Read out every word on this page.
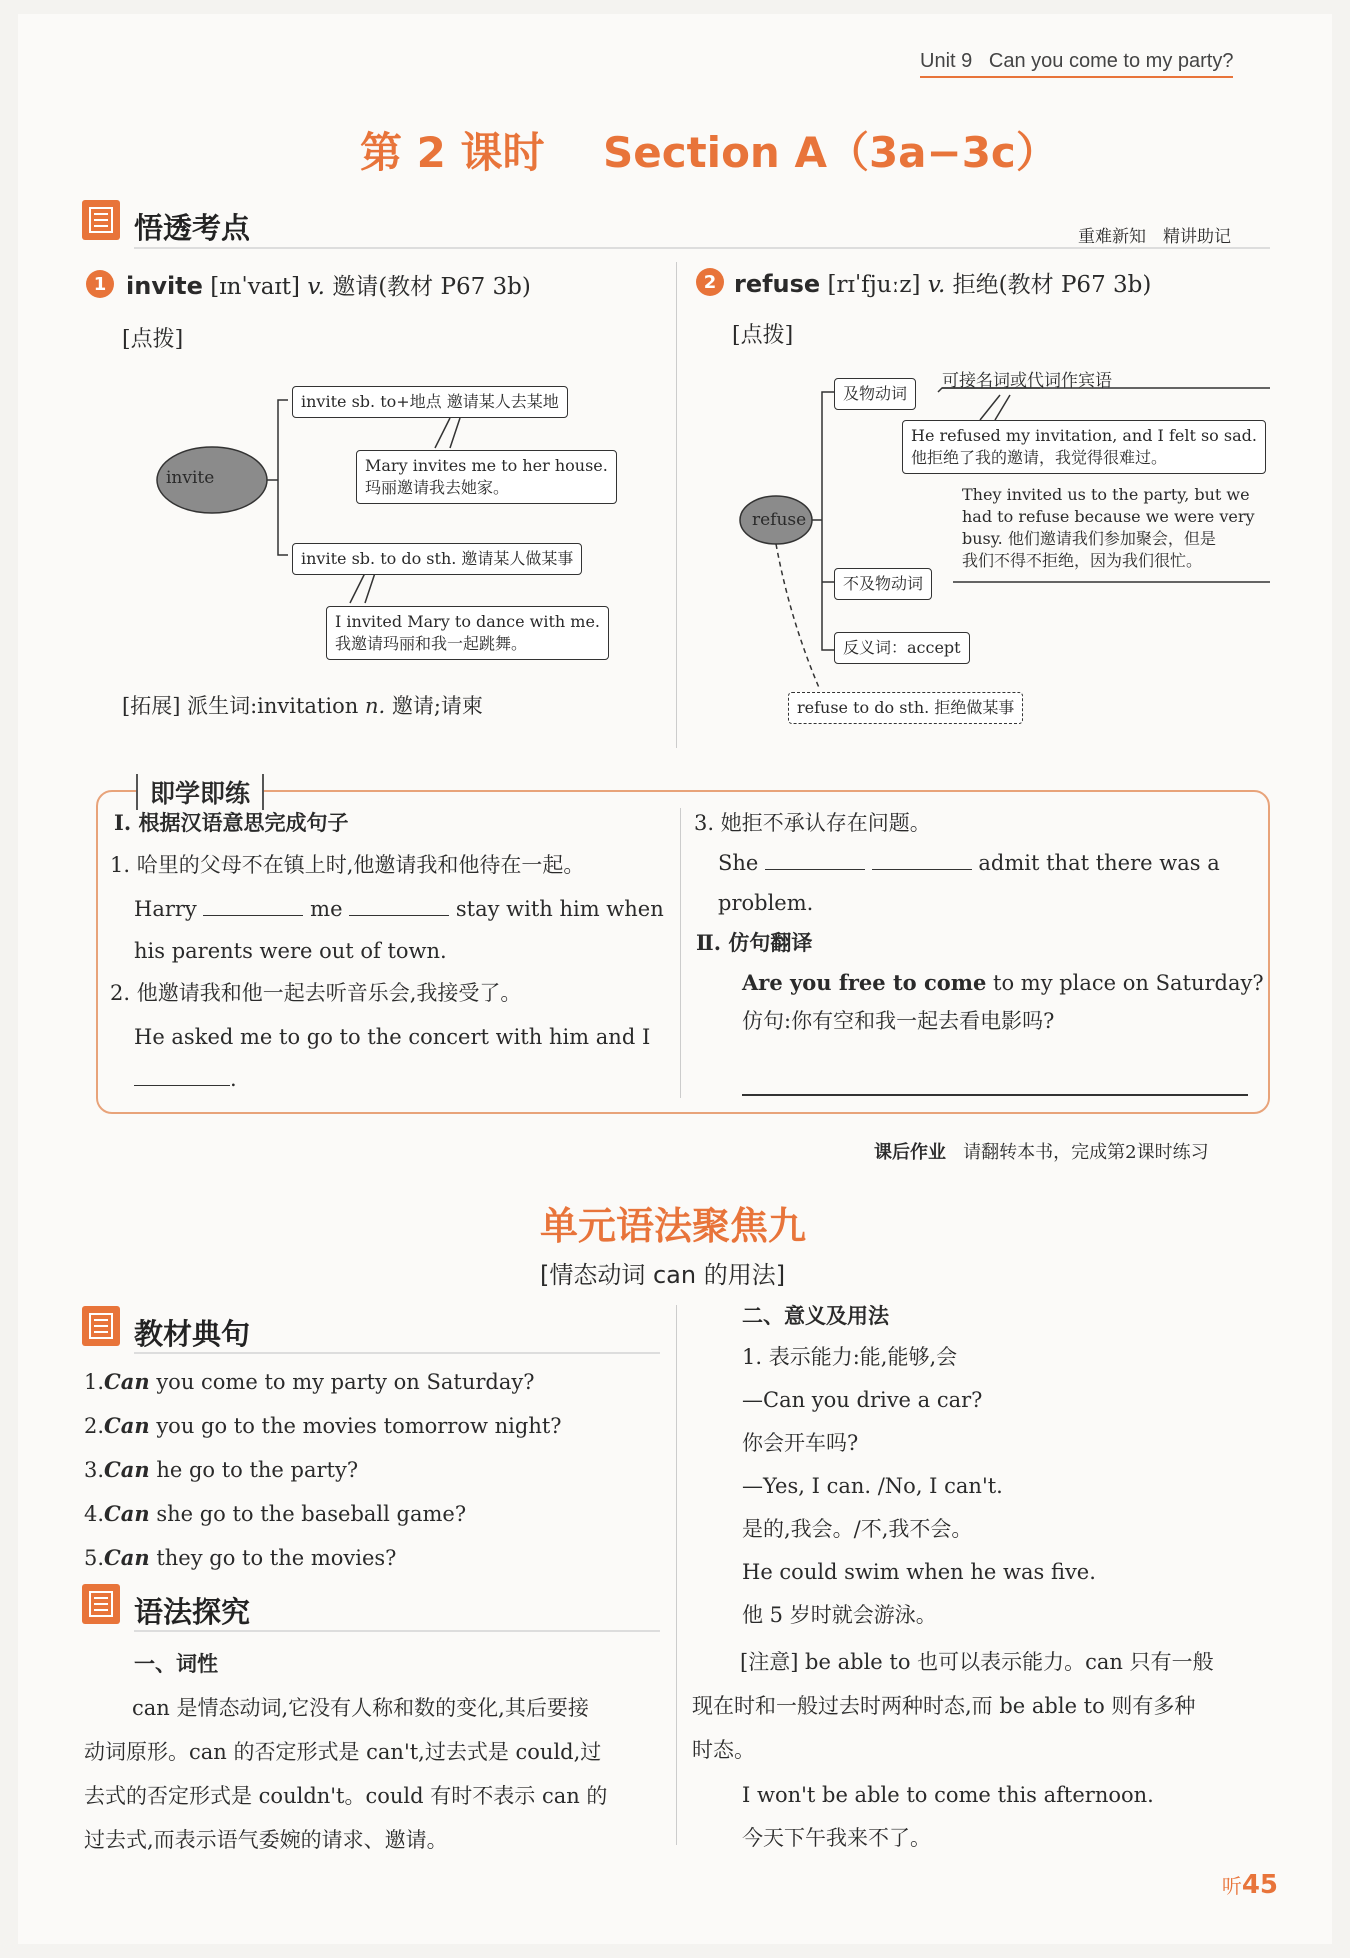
Unit 9 Can you come to my party?
第 2 课时 Section A（3a−3c）
悟透考点	重难新知　精讲助记
1 invite [ɪnˈvaɪt] v. 邀请(教材 P67 3b)
[点拨]
invite
invite sb. to+地点 邀请某人去某地
Mary invites me to her house.
玛丽邀请我去她家。
invite sb. to do sth. 邀请某人做某事
I invited Mary to dance with me.
我邀请玛丽和我一起跳舞。
[拓展] 派生词:invitation n. 邀请;请柬
2 refuse [rɪˈfjuːz] v. 拒绝(教材 P67 3b)
[点拨]
refuse
及物动词
可接名词或代词作宾语
He refused my invitation, and I felt so sad.
他拒绝了我的邀请，我觉得很难过。
They invited us to the party, but we
had to refuse because we were very
busy. 他们邀请我们参加聚会，但是
我们不得不拒绝，因为我们很忙。
不及物动词
反义词：accept
refuse to do sth. 拒绝做某事
即学即练
Ⅰ. 根据汉语意思完成句子
1. 哈里的父母不在镇上时,他邀请我和他待在一起。
Harry	me	stay with him when
his parents were out of town.
2. 他邀请我和他一起去听音乐会,我接受了。
He asked me to go to the concert with him and I
.
3. 她拒不承认存在问题。
She	admit that there was a
problem.
Ⅱ. 仿句翻译
Are you free to come to my place on Saturday?
仿句:你有空和我一起去看电影吗?
课后作业 请翻转本书，完成第2课时练习
单元语法聚焦九
[情态动词 can 的用法]
教材典句
1.Can you come to my party on Saturday?
2.Can you go to the movies tomorrow night?
3.Can he go to the party?
4.Can she go to the baseball game?
5.Can they go to the movies?
语法探究
一、词性
can 是情态动词,它没有人称和数的变化,其后要接
动词原形。can 的否定形式是 can't,过去式是 could,过
去式的否定形式是 couldn't。could 有时不表示 can 的
过去式,而表示语气委婉的请求、邀请。
二、意义及用法
1. 表示能力:能,能够,会
—Can you drive a car?
你会开车吗?
—Yes, I can. /No, I can't.
是的,我会。/不,我不会。
He could swim when he was five.
他 5 岁时就会游泳。
[注意] be able to 也可以表示能力。can 只有一般
现在时和一般过去时两种时态,而 be able to 则有多种
时态。
I won't be able to come this afternoon.
今天下午我来不了。
听45
